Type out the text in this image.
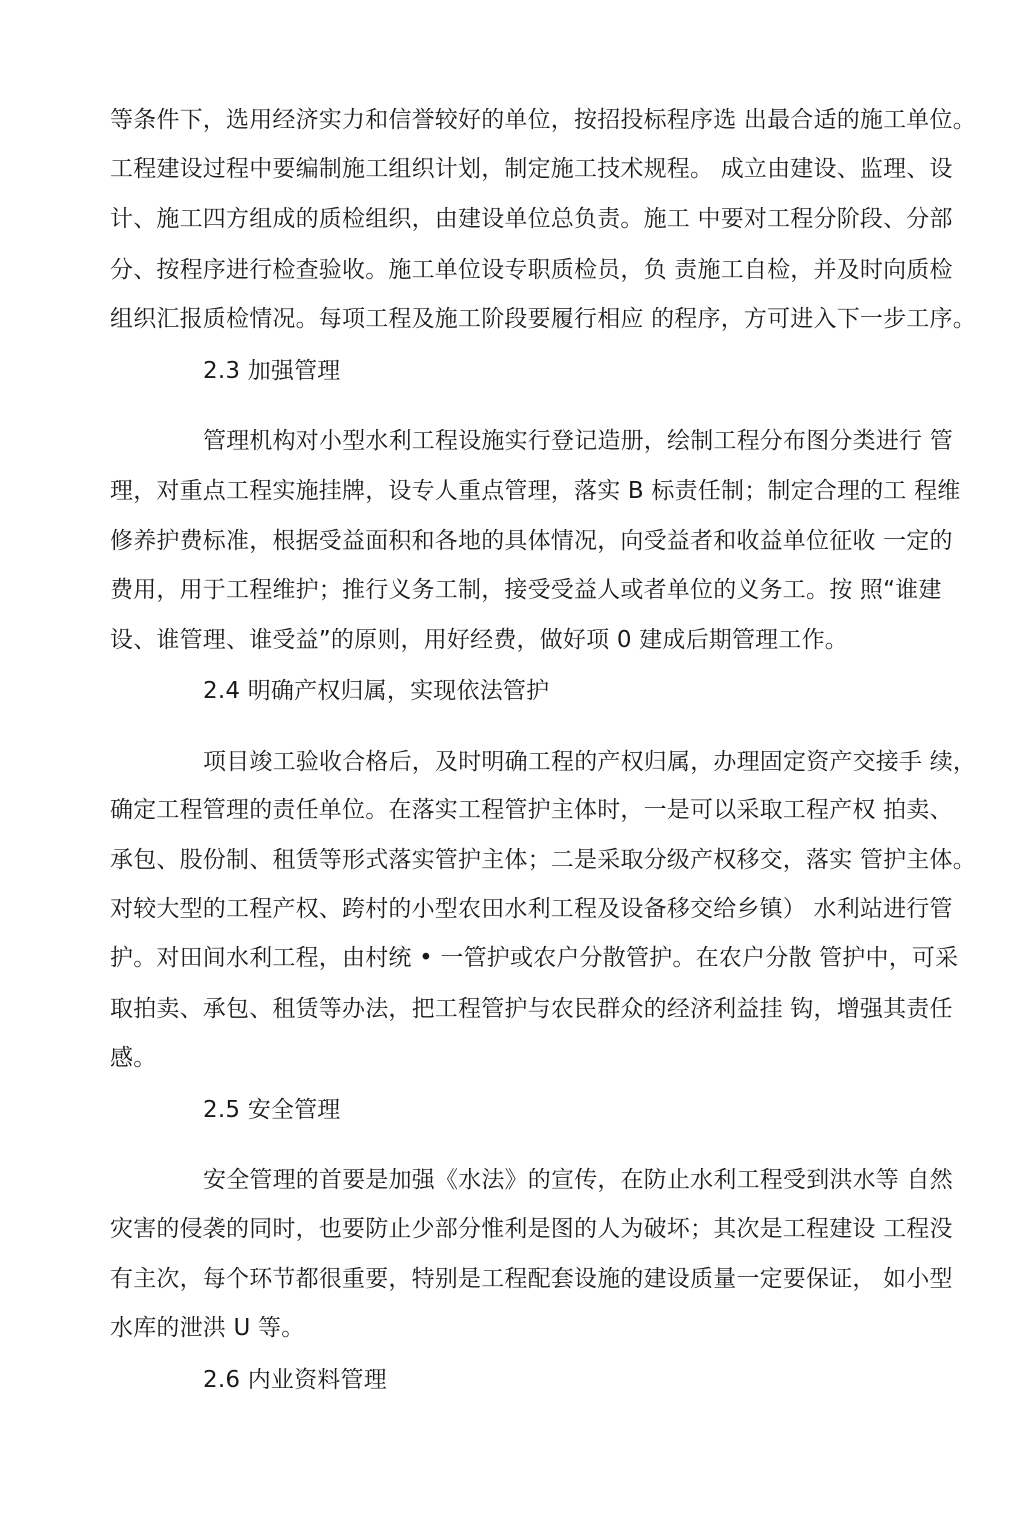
等条件下，选用经济实力和信誉较好的单位，按招投标程序选 出最合适的施工单位。
工程建设过程中要编制施工组织计划，制定施工技术规程。 成立由建设、监理、设
计、施工四方组成的质检组织，由建设单位总负责。施工 中要对工程分阶段、分部
分、按程序进行检查验收。施工单位设专职质检员，负 责施工自检，并及时向质检
组织汇报质检情况。每项工程及施工阶段要履行相应 的程序，方可进入下一步工序。
2.3 加强管理
管理机构对小型水利工程设施实行登记造册，绘制工程分布图分类进行 管
理，对重点工程实施挂牌，设专人重点管理，落实 B 标责任制；制定合理的工 程维
修养护费标准，根据受益面积和各地的具体情况，向受益者和收益单位征收 一定的
费用，用于工程维护；推行义务工制，接受受益人或者单位的义务工。按 照“谁建
设、谁管理、谁受益”的原则，用好经费，做好项 0 建成后期管理工作。
2.4 明确产权归属，实现依法管护
项目竣工验收合格后，及时明确工程的产权归属，办理固定资产交接手 续，
确定工程管理的责任单位。在落实工程管护主体时，一是可以采取工程产权 拍卖、
承包、股份制、租赁等形式落实管护主体；二是采取分级产权移交，落实 管护主体。
对较大型的工程产权、跨村的小型农田水利工程及设备移交给乡镇） 水利站进行管
护。对田间水利工程，由村统 • 一管护或农户分散管护。在农户分散 管护中，可采
取拍卖、承包、租赁等办法，把工程管护与农民群众的经济利益挂 钩，增强其责任
感。
2.5 安全管理
安全管理的首要是加强《水法》的宣传，在防止水利工程受到洪水等 自然
灾害的侵袭的同时，也要防止少部分惟利是图的人为破坏；其次是工程建设 工程没
有主次，每个环节都很重要，特别是工程配套设施的建设质量一定要保证， 如小型
水库的泄洪 U 等。
2.6 内业资料管理
